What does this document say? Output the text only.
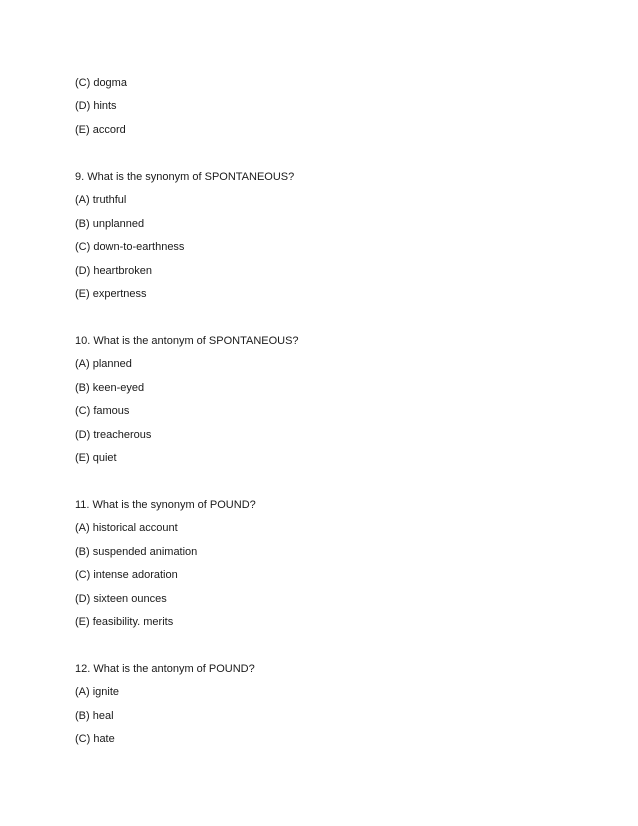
(C) dogma
(D) hints
(E) accord
9. What is the synonym of SPONTANEOUS?
(A) truthful
(B) unplanned
(C) down-to-earthness
(D) heartbroken
(E) expertness
10. What is the antonym of SPONTANEOUS?
(A) planned
(B) keen-eyed
(C) famous
(D) treacherous
(E) quiet
11. What is the synonym of POUND?
(A) historical account
(B) suspended animation
(C) intense adoration
(D) sixteen ounces
(E) feasibility. merits
12. What is the antonym of POUND?
(A) ignite
(B) heal
(C) hate
